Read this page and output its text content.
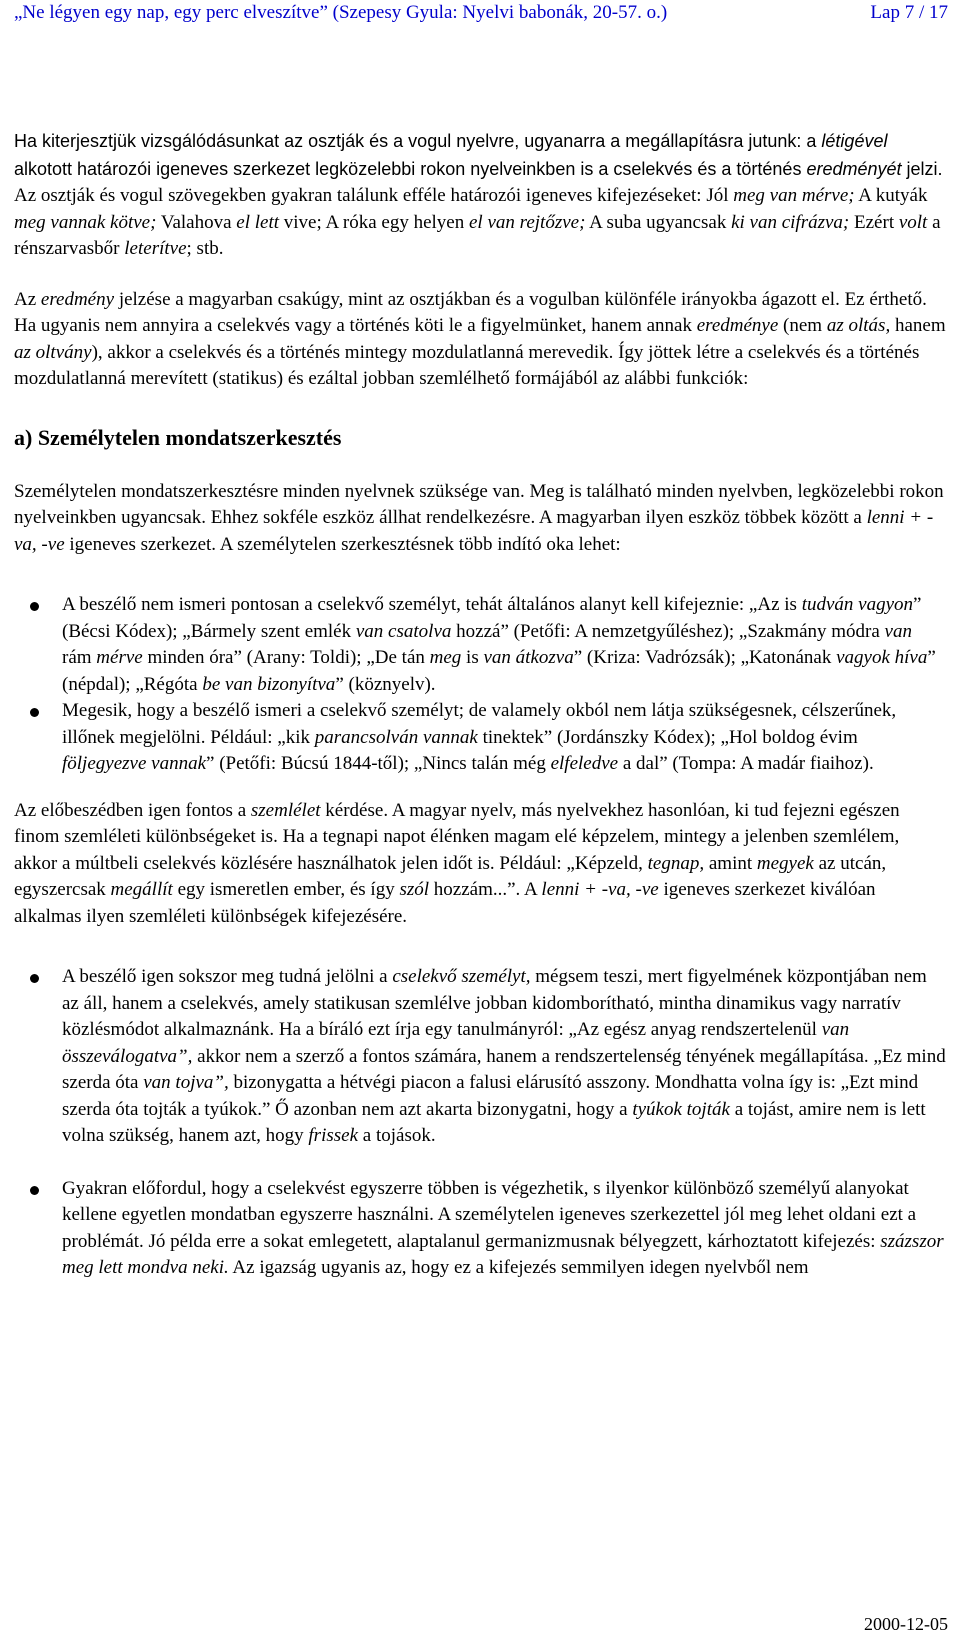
„Ne légyen egy nap, egy perc elveszítve” (Szepesy Gyula: Nyelvi babonák, 20-57. o.)	Lap 7 / 17

Ha kiterjesztjük vizsgálódásunkat az osztják és a vogul nyelvre, ugyanarra a megállapításra jutunk: a létigével alkotott határozói igeneves szerkezet legközelebbi rokon nyelveinkben is a cselekvés és a történés eredményét jelzi. Az osztják és vogul szövegekben gyakran találunk efféle határozói igeneves kifejezéseket: Jól meg van mérve; A kutyák meg vannak kötve; Valahova el lett vive; A róka egy helyen el van rejtőzve; A suba ugyancsak ki van cifrázva; Ezért volt a rénszarvasbőr leterítve; stb.

Az eredmény jelzése a magyarban csakúgy, mint az osztjákban és a vogulban különféle irányokba ágazott el. Ez érthető. Ha ugyanis nem annyira a cselekvés vagy a történés köti le a figyelmünket, hanem annak eredménye (nem az oltás, hanem az oltvány), akkor a cselekvés és a történés mintegy mozdulatlanná merevedik. Így jöttek létre a cselekvés és a történés mozdulatlanná merevített (statikus) és ezáltal jobban szemlélhető formájából az alábbi funkciók:

a) Személytelen mondatszerkesztés

Személytelen mondatszerkesztésre minden nyelvnek szüksége van. Meg is található minden nyelvben, legközelebbi rokon nyelveinkben ugyancsak. Ehhez sokféle eszköz állhat rendelkezésre. A magyarban ilyen eszköz többek között a lenni + -va, -ve igeneves szerkezet. A személytelen szerkesztésnek több indító oka lehet:

A beszélő nem ismeri pontosan a cselekvő személyt, tehát általános alanyt kell kifejeznie: „Az is tudván vagyon” (Bécsi Kódex); „Bármely szent emlék van csatolva hozzá” (Petőfi: A nemzetgyűléshez); „Szakmány módra van rám mérve minden óra” (Arany: Toldi); „De tán meg is van átkozva” (Kriza: Vadrózsák); „Katonának vagyok híva” (népdal); „Régóta be van bizonyítva” (köznyelv).
Megesik, hogy a beszélő ismeri a cselekvő személyt; de valamely okból nem látja szükségesnek, célszerűnek, illőnek megjelölni. Például: „kik parancsolván vannak tinektek” (Jordánszky Kódex); „Hol boldog évim följegyezve vannak” (Petőfi: Búcsú 1844-től); „Nincs talán még elfeledve a dal” (Tompa: A madár fiaihoz).

Az előbeszédben igen fontos a szemlélet kérdése. A magyar nyelv, más nyelvekhez hasonlóan, ki tud fejezni egészen finom szemléleti különbségeket is. Ha a tegnapi napot élénken magam elé képzelem, mintegy a jelenben szemlélem, akkor a múltbeli cselekvés közlésére használhatok jelen időt is. Például: „Képzeld, tegnap, amint megyek az utcán, egyszercsak megállít egy ismeretlen ember, és így szól hozzám...”. A lenni + -va, -ve igeneves szerkezet kiválóan alkalmas ilyen szemléleti különbségek kifejezésére.

A beszélő igen sokszor meg tudná jelölni a cselekvő személyt, mégsem teszi, mert figyelmének központjában nem az áll, hanem a cselekvés, amely statikusan szemlélve jobban kidomborítható, mintha dinamikus vagy narratív közlésmódot alkalmaznánk. Ha a bíráló ezt írja egy tanulmányról: „Az egész anyag rendszertelenül van összeválogatva”, akkor nem a szerző a fontos számára, hanem a rendszertelenség tényének megállapítása. „Ez mind szerda óta van tojva”, bizonygatta a hétvégi piacon a falusi elárusító asszony. Mondhatta volna így is: „Ezt mind szerda óta tojták a tyúkok.” Ő azonban nem azt akarta bizonygatni, hogy a tyúkok tojták a tojást, amire nem is lett volna szükség, hanem azt, hogy frissek a tojások.
Gyakran előfordul, hogy a cselekvést egyszerre többen is végezhetik, s ilyenkor különböző személyű alanyokat kellene egyetlen mondatban egyszerre használni. A személytelen igeneves szerkezettel jól meg lehet oldani ezt a problémát. Jó példa erre a sokat emlegetett, alaptalanul germanizmusnak bélyegzett, kárhoztatott kifejezés: százszor meg lett mondva neki. Az igazság ugyanis az, hogy ez a kifejezés semmilyen idegen nyelvből nem
2000-12-05
